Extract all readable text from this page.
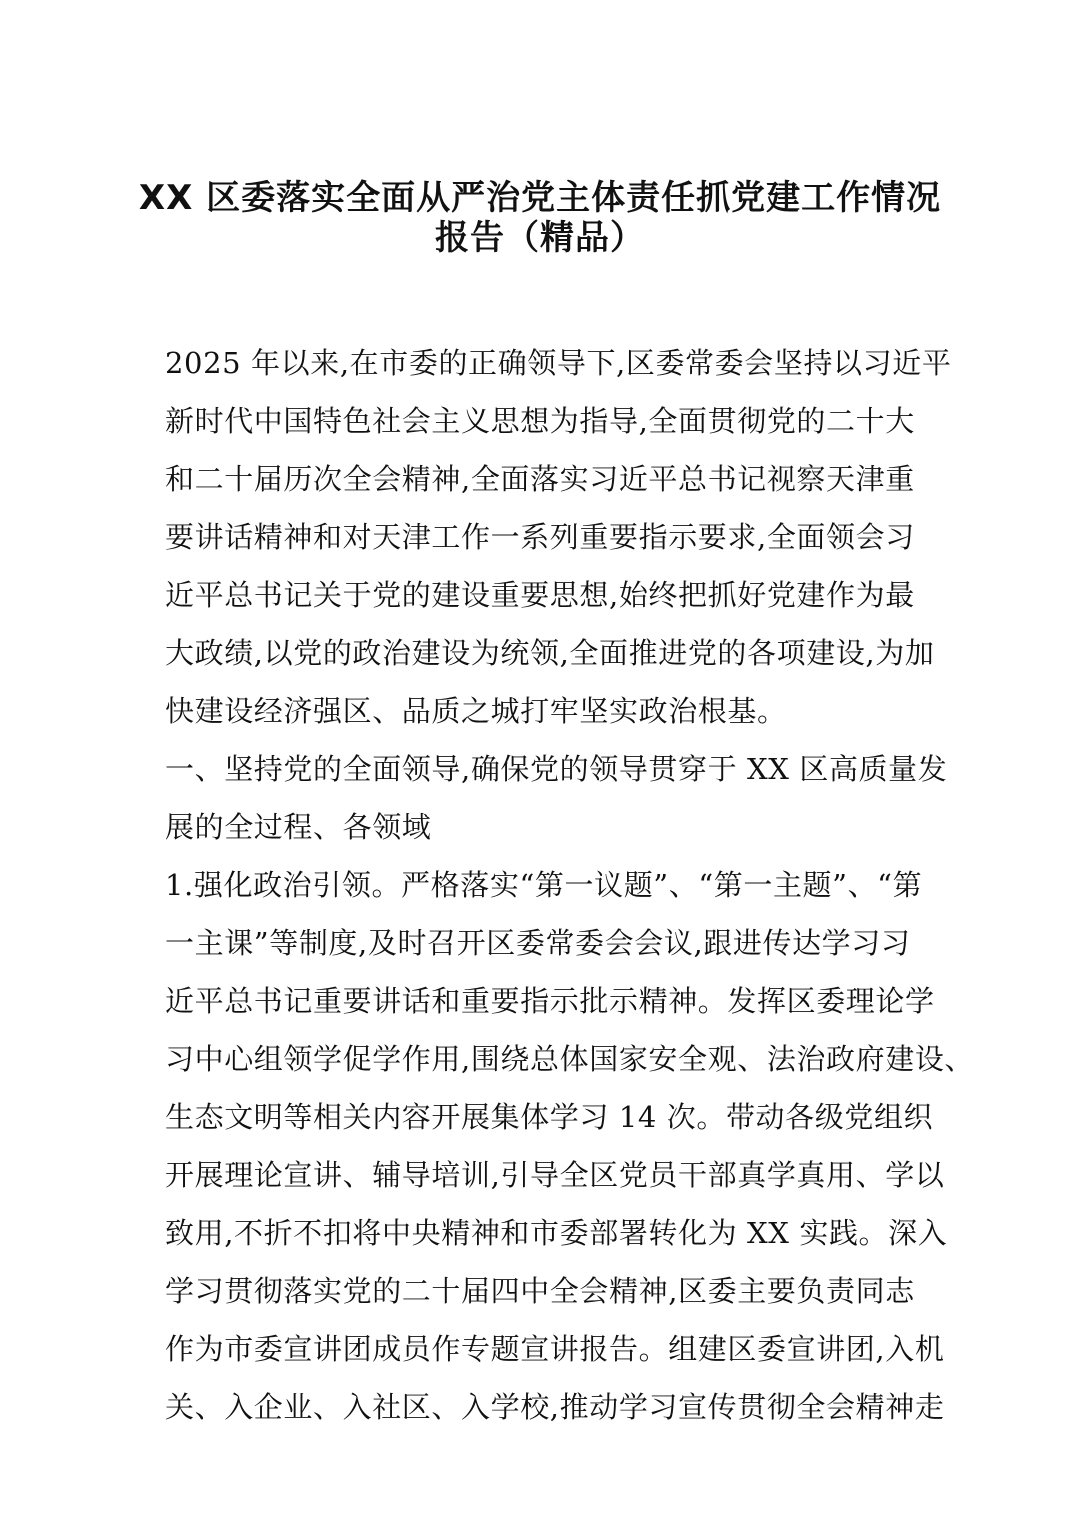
XX 区委落实全面从严治党主体责任抓党建工作情况
报告（精品）
2025 年以来,在市委的正确领导下,区委常委会坚持以习近平
新时代中国特色社会主义思想为指导,全面贯彻党的二十大
和二十届历次全会精神,全面落实习近平总书记视察天津重
要讲话精神和对天津工作一系列重要指示要求,全面领会习
近平总书记关于党的建设重要思想,始终把抓好党建作为最
大政绩,以党的政治建设为统领,全面推进党的各项建设,为加
快建设经济强区、品质之城打牢坚实政治根基。
一、坚持党的全面领导,确保党的领导贯穿于 XX 区高质量发
展的全过程、各领域
1.强化政治引领。严格落实“第一议题”、“第一主题”、“第
一主课”等制度,及时召开区委常委会会议,跟进传达学习习
近平总书记重要讲话和重要指示批示精神。发挥区委理论学
习中心组领学促学作用,围绕总体国家安全观、法治政府建设、
生态文明等相关内容开展集体学习 14 次。带动各级党组织
开展理论宣讲、辅导培训,引导全区党员干部真学真用、学以
致用,不折不扣将中央精神和市委部署转化为 XX 实践。深入
学习贯彻落实党的二十届四中全会精神,区委主要负责同志
作为市委宣讲团成员作专题宣讲报告。组建区委宣讲团,入机
关、入企业、入社区、入学校,推动学习宣传贯彻全会精神走
